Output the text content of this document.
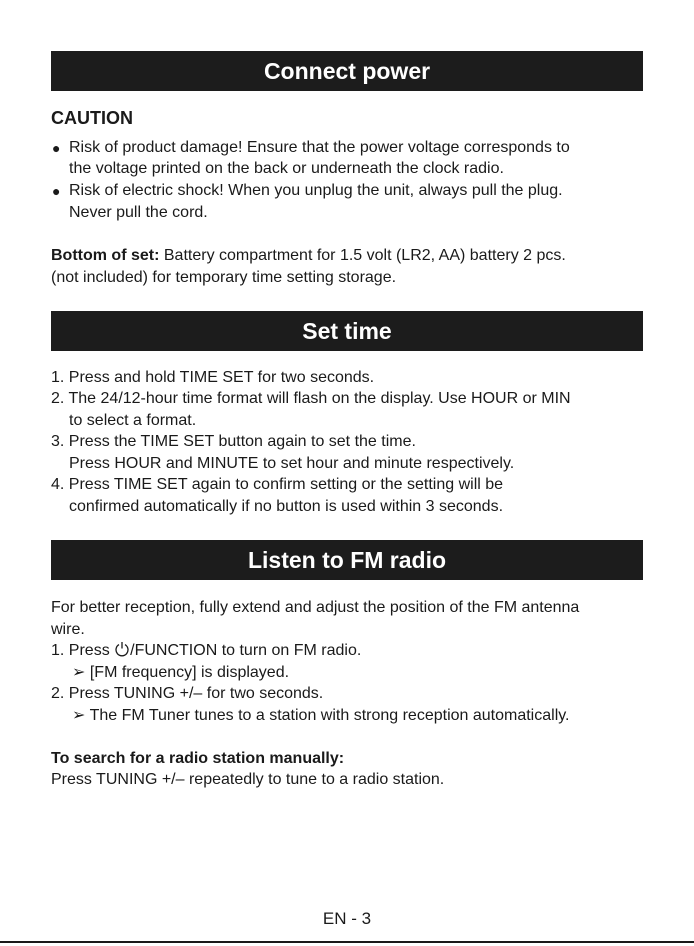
Connect power
CAUTION
● Risk of product damage! Ensure that the power voltage corresponds to
the voltage printed on the back or underneath the clock radio.
● Risk of electric shock! When you unplug the unit, always pull the plug.
Never pull the cord.
Bottom of set: Battery compartment for 1.5 volt (LR2, AA) battery 2 pcs.
(not included) for temporary time setting storage.
Set time
1. Press and hold TIME SET for two seconds.
2. The 24/12-hour time format will flash on the display. Use HOUR or MIN
to select a format.
3. Press the TIME SET button again to set the time.
Press HOUR and MINUTE to set hour and minute respectively.
4. Press TIME SET again to confirm setting or the setting will be
confirmed automatically if no button is used within 3 seconds.
Listen to FM radio
For better reception, fully extend and adjust the position of the FM antenna
wire.
1. Press /FUNCTION to turn on FM radio.
➢ [FM frequency] is displayed.
2. Press TUNING +/– for two seconds.
➢ The FM Tuner tunes to a station with strong reception automatically.
To search for a radio station manually:
Press TUNING +/– repeatedly to tune to a radio station.
EN - 3
